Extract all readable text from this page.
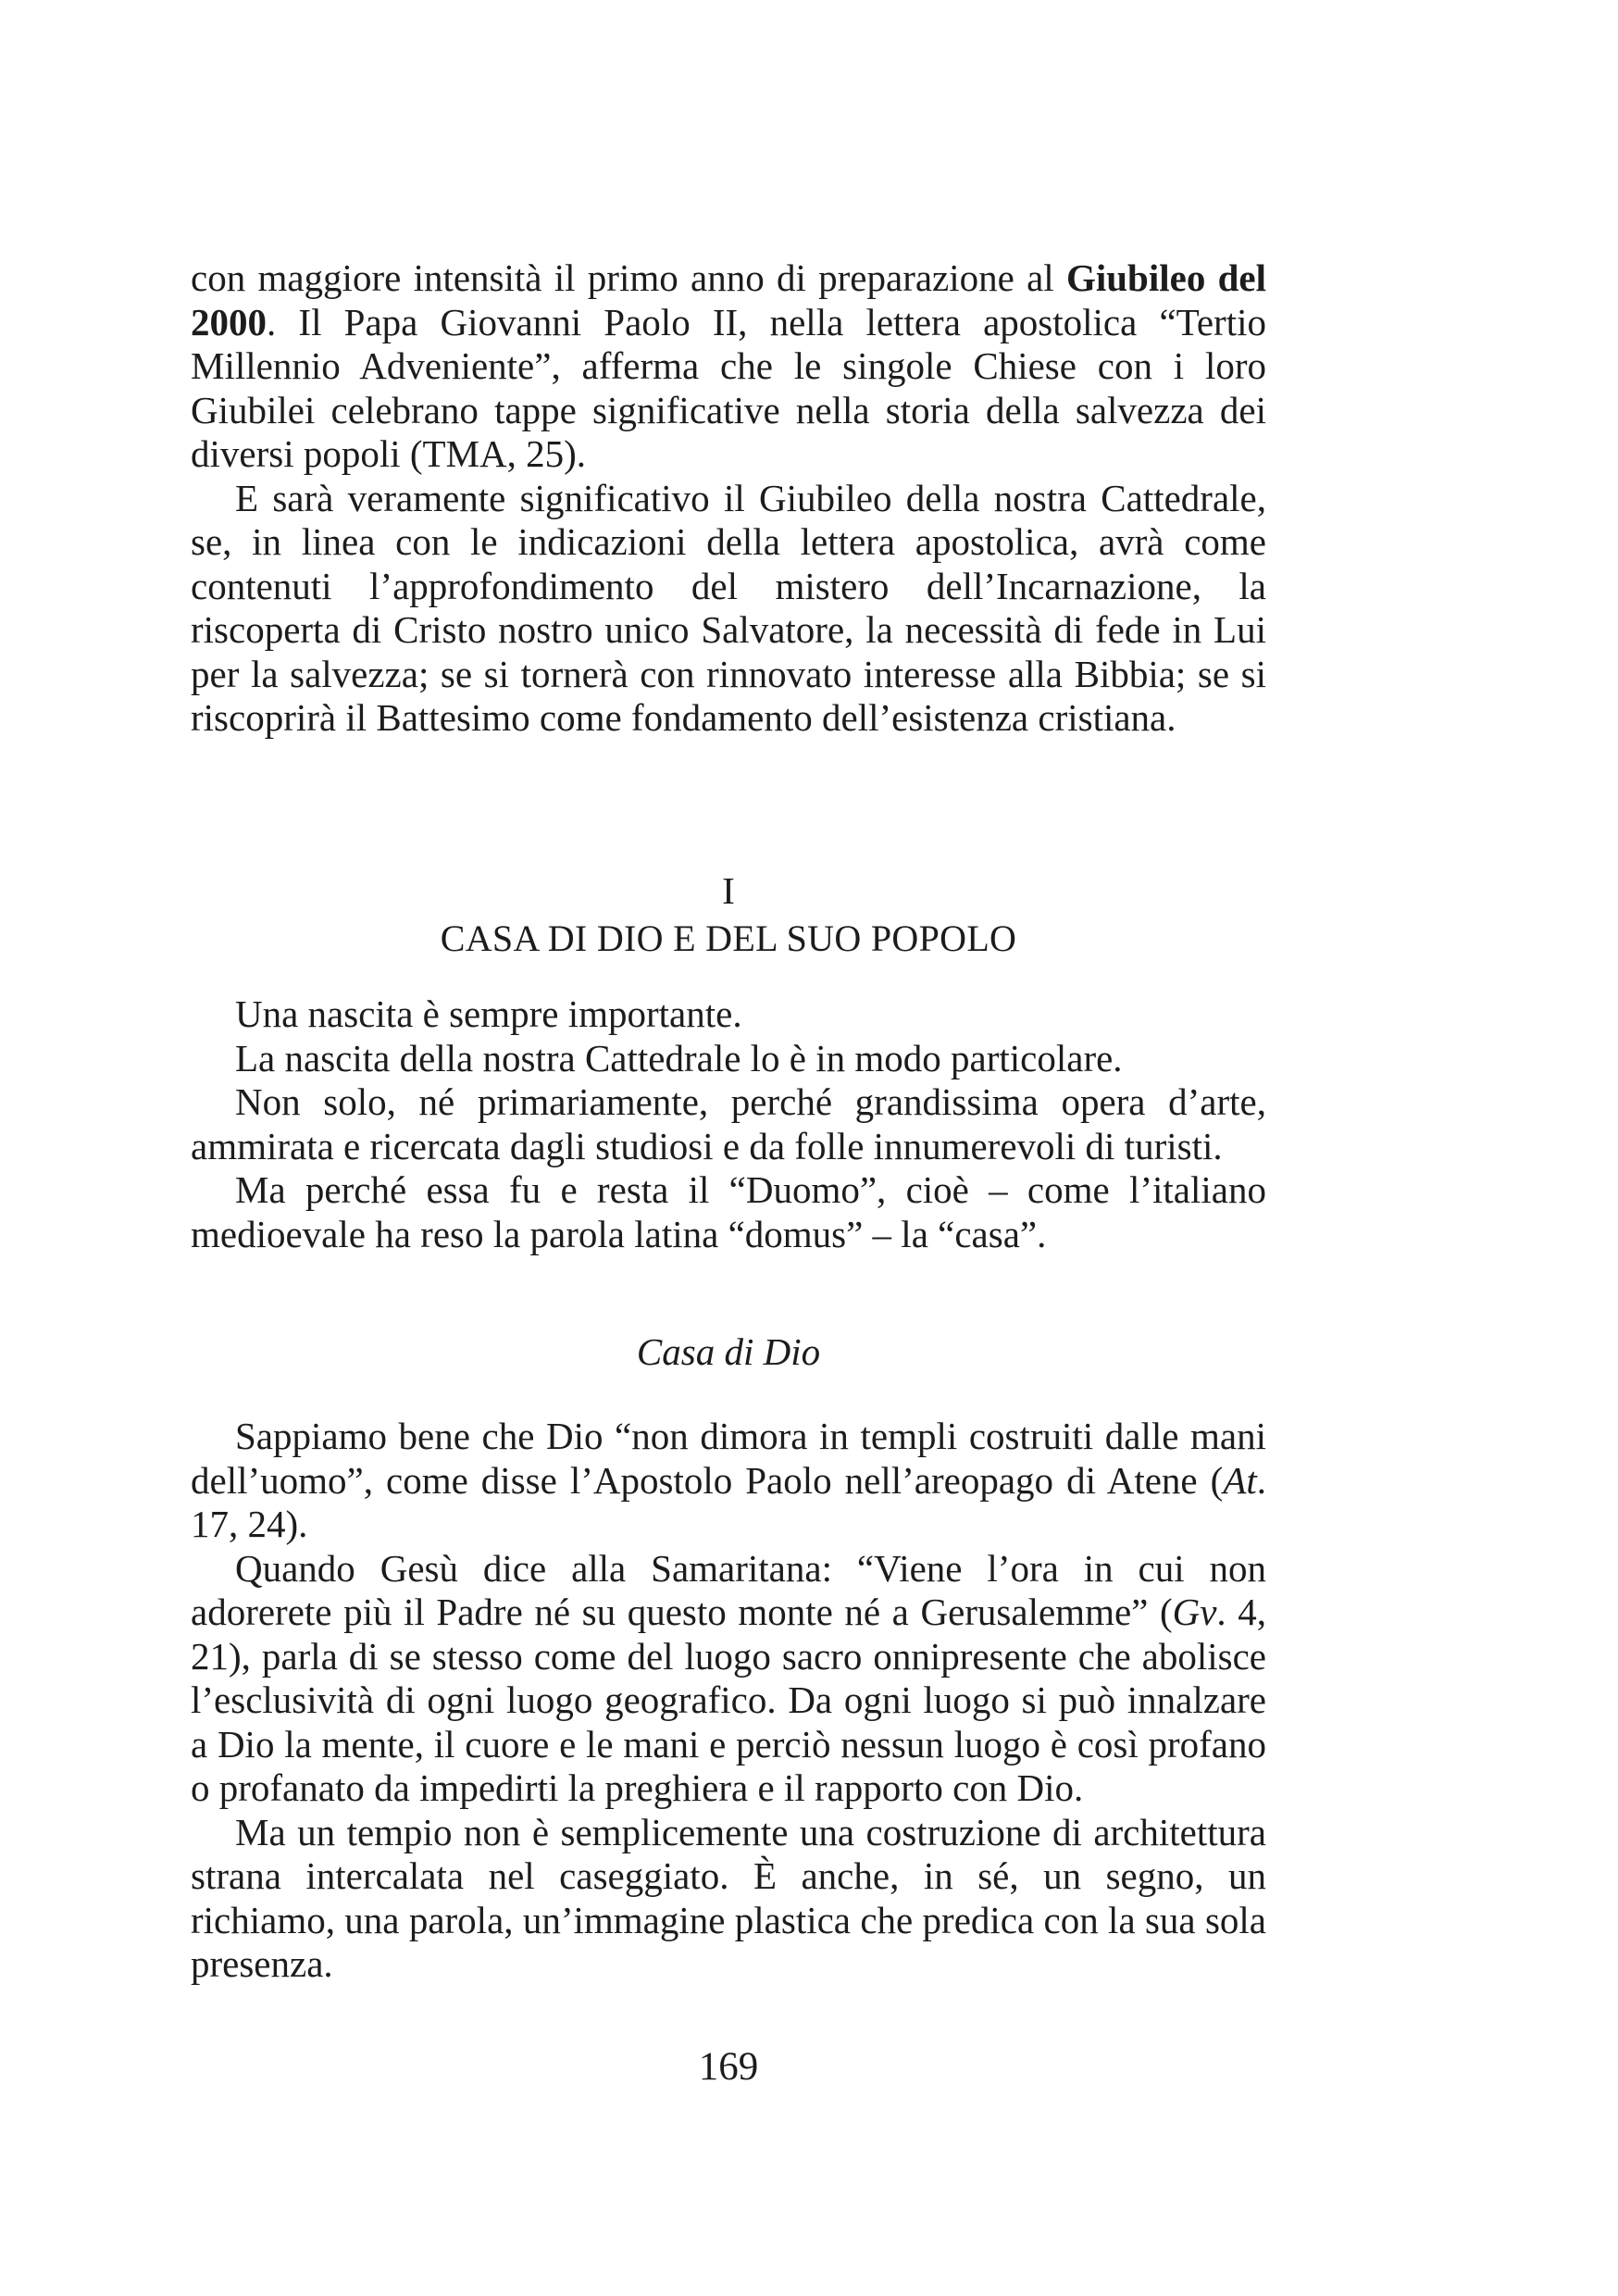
con maggiore intensità il primo anno di preparazione al Giubileo del 2000. Il Papa Giovanni Paolo II, nella lettera apostolica “Tertio Millennio Adveniente”, afferma che le singole Chiese con i loro Giubilei celebrano tappe significative nella storia della salvezza dei diversi popoli (TMA, 25).

E sarà veramente significativo il Giubileo della nostra Cattedrale, se, in linea con le indicazioni della lettera apostolica, avrà come contenuti l’approfondimento del mistero dell’Incarnazione, la riscoperta di Cristo nostro unico Salvatore, la necessità di fede in Lui per la salvezza; se si tornerà con rinnovato interesse alla Bibbia; se si riscoprirà il Battesimo come fondamento dell’esistenza cristiana.

I
CASA DI DIO E DEL SUO POPOLO

Una nascita è sempre importante.

La nascita della nostra Cattedrale lo è in modo particolare.

Non solo, né primariamente, perché grandissima opera d’arte, ammirata e ricercata dagli studiosi e da folle innumerevoli di turisti.

Ma perché essa fu e resta il “Duomo”, cioè – come l’italiano medioevale ha reso la parola latina “domus” – la “casa”.

Casa di Dio

Sappiamo bene che Dio “non dimora in templi costruiti dalle mani dell’uomo”, come disse l’Apostolo Paolo nell’areopago di Atene (At. 17, 24).

Quando Gesù dice alla Samaritana: “Viene l’ora in cui non adorerete più il Padre né su questo monte né a Gerusalemme” (Gv. 4, 21), parla di se stesso come del luogo sacro onnipresente che abolisce l’esclusività di ogni luogo geografico. Da ogni luogo si può innalzare a Dio la mente, il cuore e le mani e perciò nessun luogo è così profano o profanato da impedirti la preghiera e il rapporto con Dio.

Ma un tempio non è semplicemente una costruzione di architettura strana intercalata nel caseggiato. È anche, in sé, un segno, un richiamo, una parola, un’immagine plastica che predica con la sua sola presenza.

169
